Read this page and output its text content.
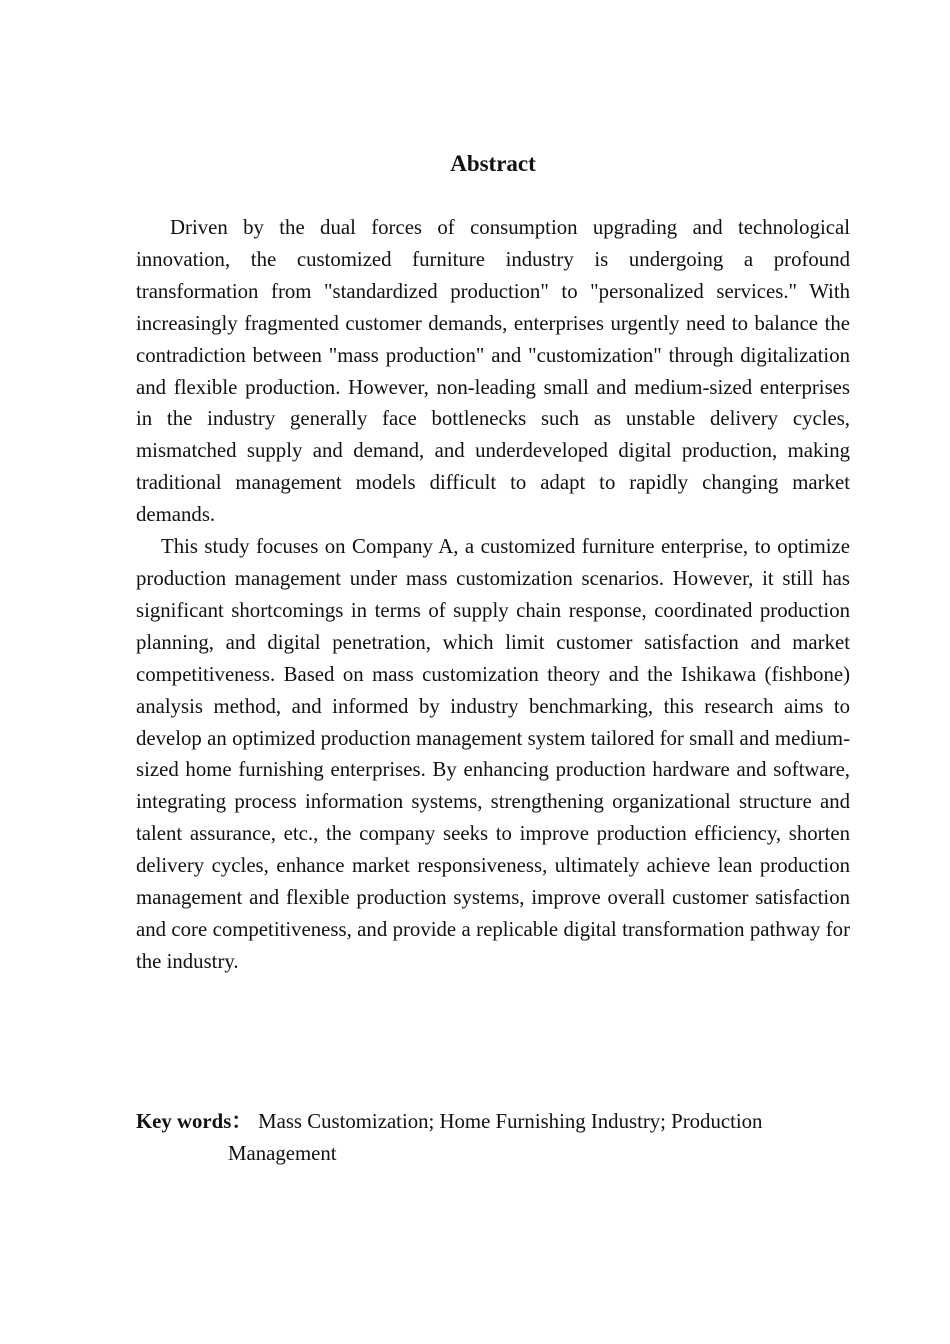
Abstract

Driven by the dual forces of consumption upgrading and technological innovation, the customized furniture industry is undergoing a profound transformation from "standardized production" to "personalized services." With increasingly fragmented customer demands, enterprises urgently need to balance the contradiction between "mass production" and "customization" through digitalization and flexible production. However, non-leading small and medium-sized enterprises in the industry generally face bottlenecks such as unstable delivery cycles, mismatched supply and demand, and underdeveloped digital production, making traditional management models difficult to adapt to rapidly changing market demands.

This study focuses on Company A, a customized furniture enterprise, to optimize production management under mass customization scenarios. However, it still has significant shortcomings in terms of supply chain response, coordinated production planning, and digital penetration, which limit customer satisfaction and market competitiveness. Based on mass customization theory and the Ishikawa (fishbone) analysis method, and informed by industry benchmarking, this research aims to develop an optimized production management system tailored for small and medium-sized home furnishing enterprises. By enhancing production hardware and software, integrating process information systems, strengthening organizational structure and talent assurance, etc., the company seeks to improve production efficiency, shorten delivery cycles, enhance market responsiveness, ultimately achieve lean production management and flexible production systems, improve overall customer satisfaction and core competitiveness, and provide a replicable digital transformation pathway for the industry.

Key words： Mass Customization; Home Furnishing Industry; Production Management
